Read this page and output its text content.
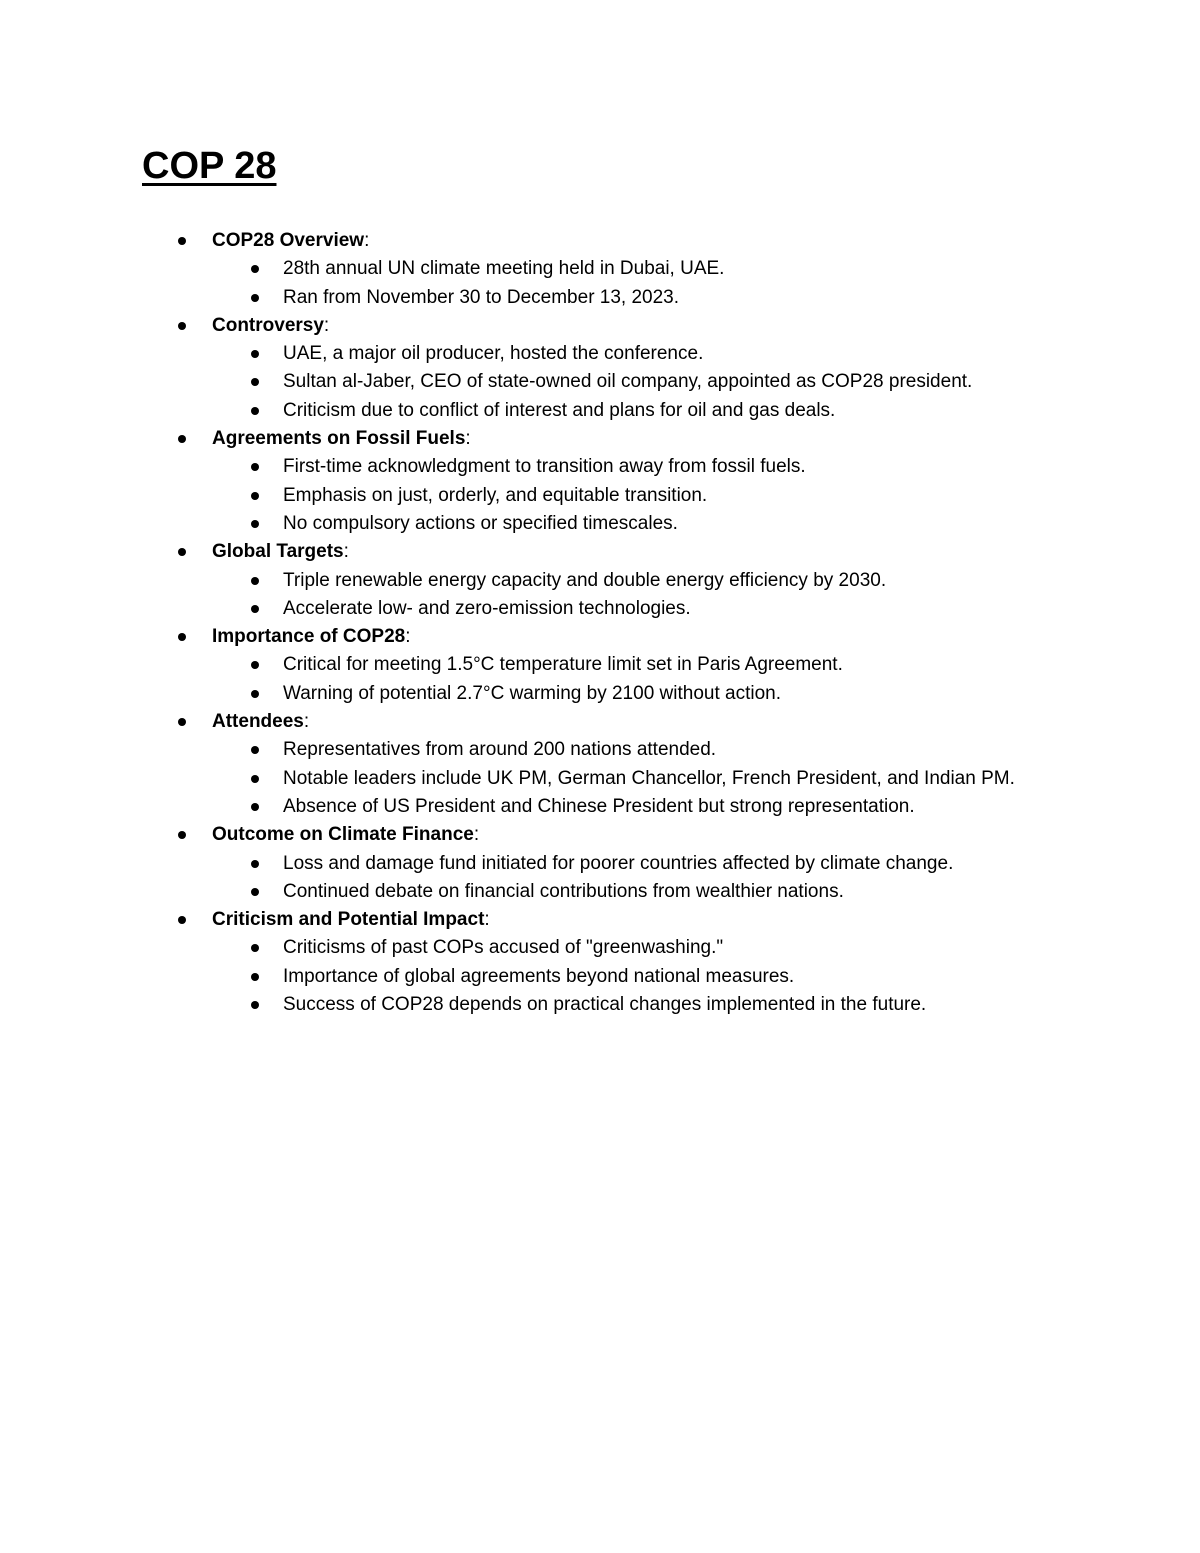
COP 28
COP28 Overview:
28th annual UN climate meeting held in Dubai, UAE.
Ran from November 30 to December 13, 2023.
Controversy:
UAE, a major oil producer, hosted the conference.
Sultan al-Jaber, CEO of state-owned oil company, appointed as COP28 president.
Criticism due to conflict of interest and plans for oil and gas deals.
Agreements on Fossil Fuels:
First-time acknowledgment to transition away from fossil fuels.
Emphasis on just, orderly, and equitable transition.
No compulsory actions or specified timescales.
Global Targets:
Triple renewable energy capacity and double energy efficiency by 2030.
Accelerate low- and zero-emission technologies.
Importance of COP28:
Critical for meeting 1.5°C temperature limit set in Paris Agreement.
Warning of potential 2.7°C warming by 2100 without action.
Attendees:
Representatives from around 200 nations attended.
Notable leaders include UK PM, German Chancellor, French President, and Indian PM.
Absence of US President and Chinese President but strong representation.
Outcome on Climate Finance:
Loss and damage fund initiated for poorer countries affected by climate change.
Continued debate on financial contributions from wealthier nations.
Criticism and Potential Impact:
Criticisms of past COPs accused of "greenwashing."
Importance of global agreements beyond national measures.
Success of COP28 depends on practical changes implemented in the future.
